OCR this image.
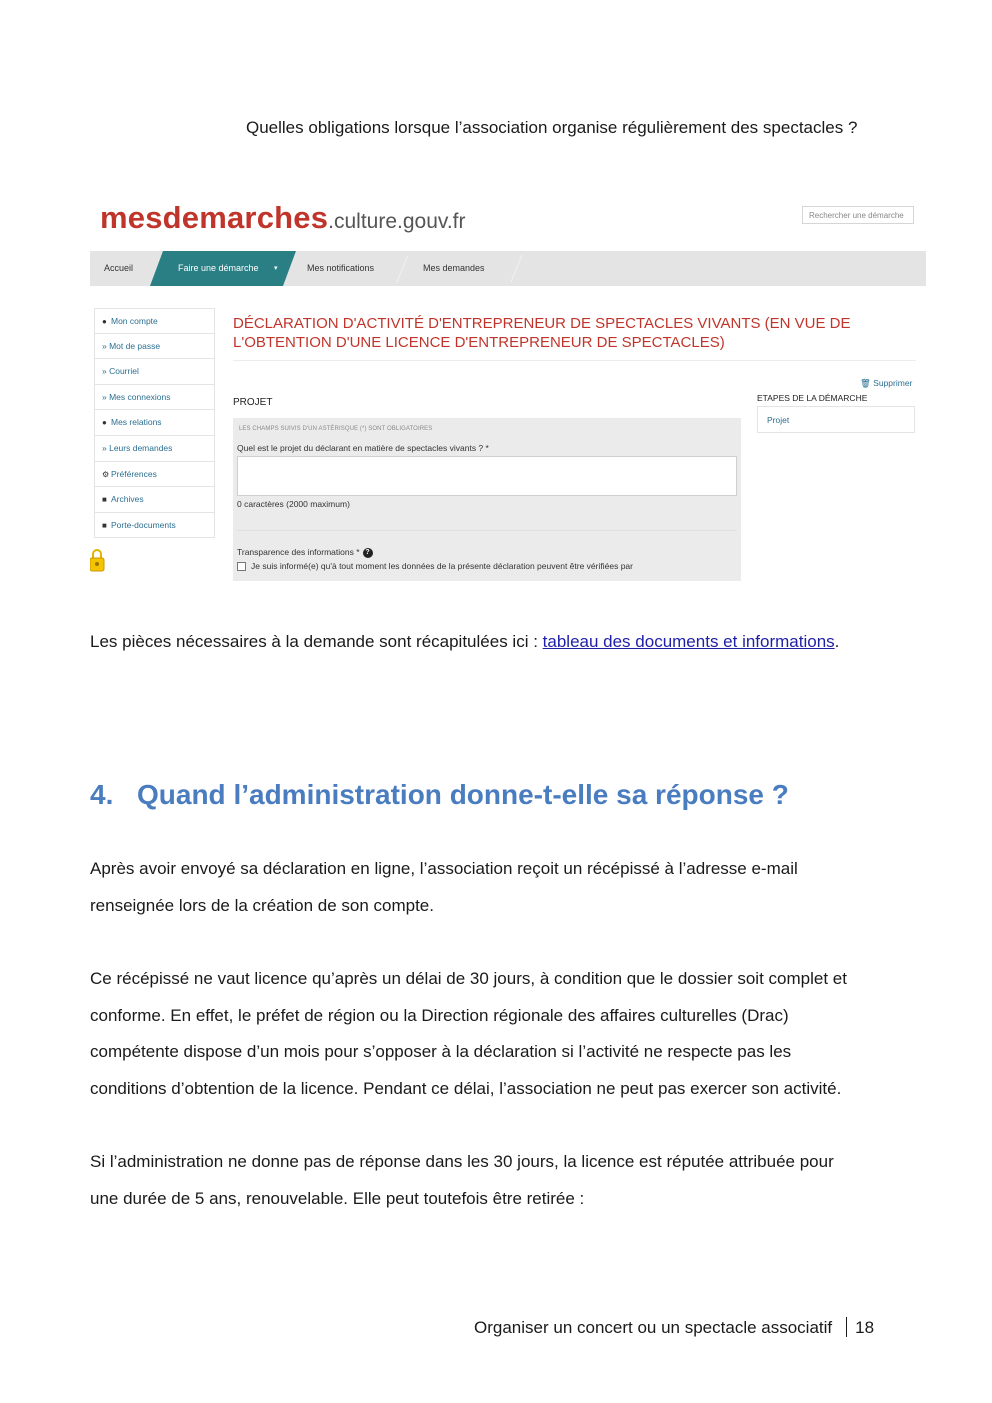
Quelles obligations lorsque l’association organise régulièrement des spectacles ?
mesdemarches.culture.gouv.fr	Rechercher une démarche
Accueil	Faire une démarche ▾	Mes notifications	Mes demandes
● Mon compte
» Mot de passe
» Courriel
» Mes connexions
● Mes relations
» Leurs demandes
⚙ Préférences
■ Archives
■ Porte-documents
DÉCLARATION D'ACTIVITÉ D'ENTREPRENEUR DE SPECTACLES VIVANTS (EN VUE DE L'OBTENTION D'UNE LICENCE D'ENTREPRENEUR DE SPECTACLES)
PROJET
LES CHAMPS SUIVIS D'UN ASTÉRISQUE (*) SONT OBLIGATOIRES
Quel est le projet du déclarant en matière de spectacles vivants ? *
0 caractères (2000 maximum)
Transparence des informations * ?
Je suis informé(e) qu'à tout moment les données de la présente déclaration peuvent être vérifiées par
🗑 Supprimer
ETAPES DE LA DÉMARCHE
Projet
Les pièces nécessaires à la demande sont récapitulées ici : tableau des documents et informations.
4. Quand l’administration donne-t-elle sa réponse ?
Après avoir envoyé sa déclaration en ligne, l’association reçoit un récépissé à l’adresse e-mail
renseignée lors de la création de son compte.
Ce récépissé ne vaut licence qu’après un délai de 30 jours, à condition que le dossier soit complet et
conforme. En effet, le préfet de région ou la Direction régionale des affaires culturelles (Drac)
compétente dispose d’un mois pour s’opposer à la déclaration si l’activité ne respecte pas les
conditions d’obtention de la licence. Pendant ce délai, l’association ne peut pas exercer son activité.
Si l’administration ne donne pas de réponse dans les 30 jours, la licence est réputée attribuée pour
une durée de 5 ans, renouvelable. Elle peut toutefois être retirée :
Organiser un concert ou un spectacle associatif 18
